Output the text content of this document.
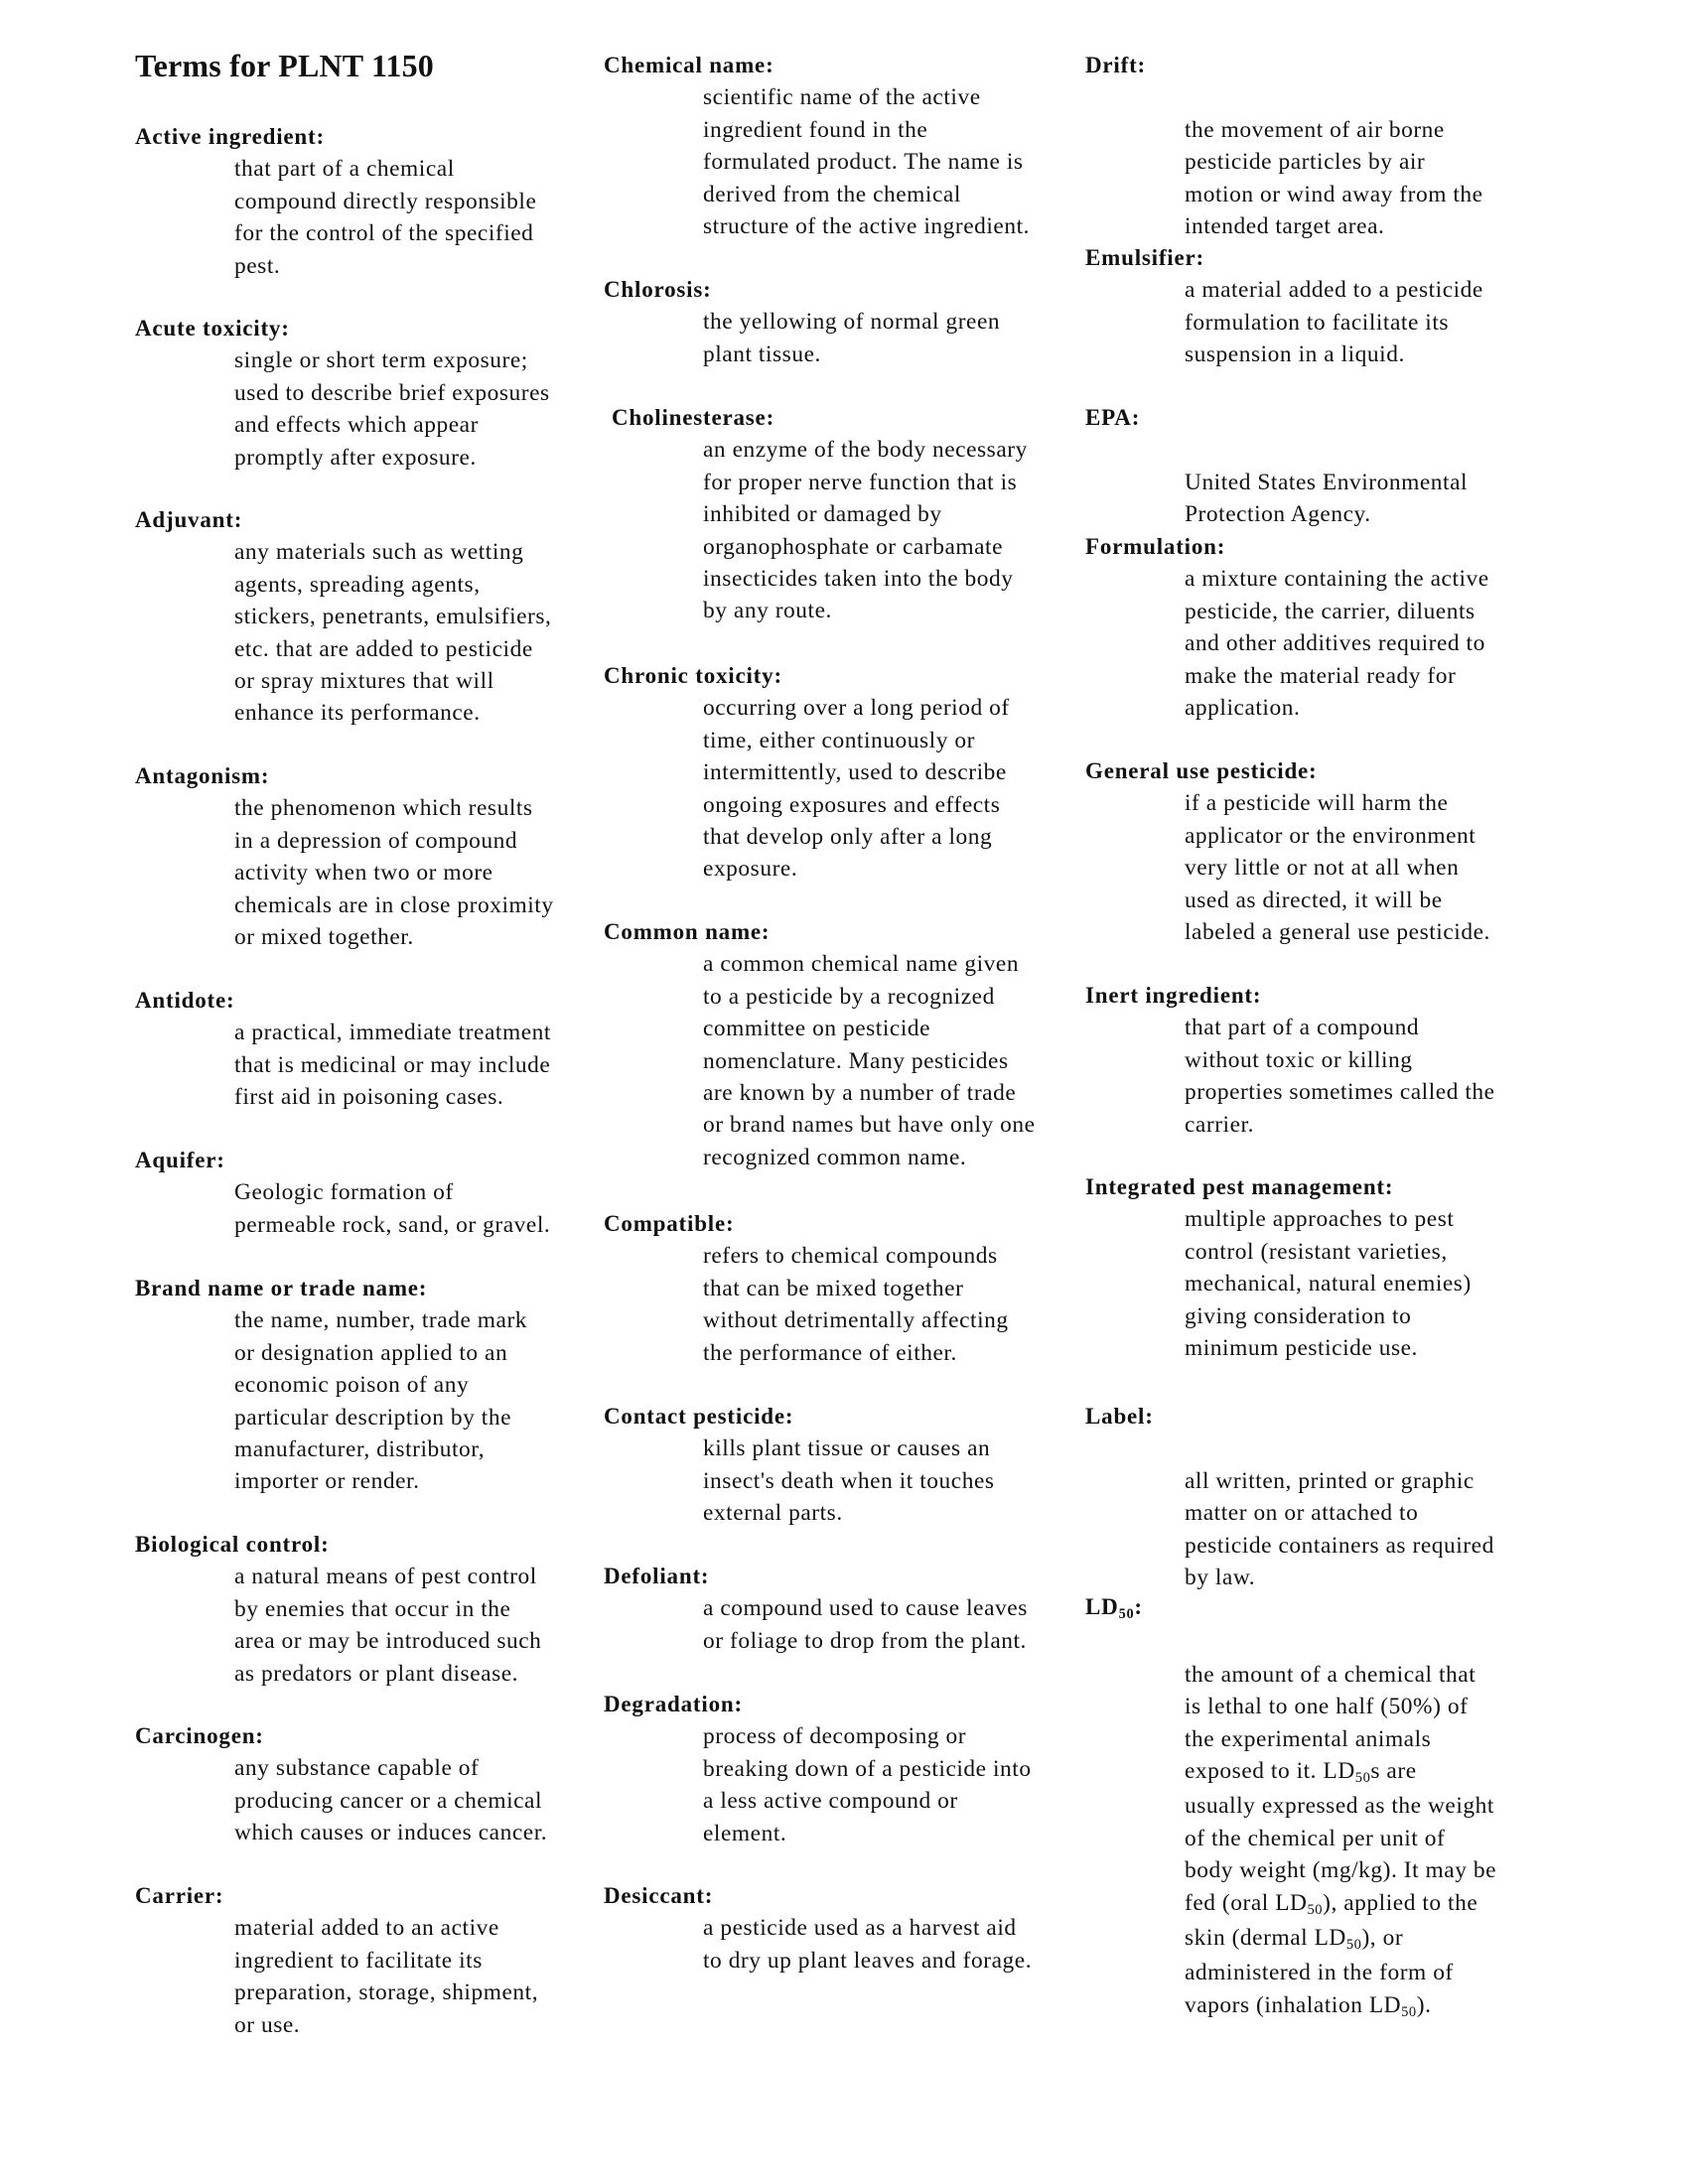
Terms for PLNT 1150
Active ingredient:
that part of a chemical
compound directly responsible
for the control of the specified
pest.
Acute toxicity:
single or short term exposure;
used to describe brief exposures
and effects which appear
promptly after exposure.
Adjuvant:
any materials such as wetting
agents, spreading agents,
stickers, penetrants, emulsifiers,
etc. that are added to pesticide
or spray mixtures that will
enhance its performance.
Antagonism:
the phenomenon which results
in a depression of compound
activity when two or more
chemicals are in close proximity
or mixed together.
Antidote:
a practical, immediate treatment
that is medicinal or may include
first aid in poisoning cases.
Aquifer:
Geologic formation of
permeable rock, sand, or gravel.
Brand name or trade name:
the name, number, trade mark
or designation applied to an
economic poison of any
particular description by the
manufacturer, distributor,
importer or render.
Biological control:
a natural means of pest control
by enemies that occur in the
area or may be introduced such
as predators or plant disease.
Carcinogen:
any substance capable of
producing cancer or a chemical
which causes or induces cancer.
Carrier:
material added to an active
ingredient to facilitate its
preparation, storage, shipment,
or use.
Chemical name:
scientific name of the active
ingredient found in the
formulated product. The name is
derived from the chemical
structure of the active ingredient.
Chlorosis:
the yellowing of normal green
plant tissue.
Cholinesterase:
an enzyme of the body necessary
for proper nerve function that is
inhibited or damaged by
organophosphate or carbamate
insecticides taken into the body
by any route.
Chronic toxicity:
occurring over a long period of
time, either continuously or
intermittently, used to describe
ongoing exposures and effects
that develop only after a long
exposure.
Common name:
a common chemical name given
to a pesticide by a recognized
committee on pesticide
nomenclature. Many pesticides
are known by a number of trade
or brand names but have only one
recognized common name.
Compatible:
refers to chemical compounds
that can be mixed together
without detrimentally affecting
the performance of either.
Contact pesticide:
kills plant tissue or causes an
insect's death when it touches
external parts.
Defoliant:
a compound used to cause leaves
or foliage to drop from the plant.
Degradation:
process of decomposing or
breaking down of a pesticide into
a less active compound or
element.
Desiccant:
a pesticide used as a harvest aid
to dry up plant leaves and forage.
Drift:
the movement of air borne
pesticide particles by air
motion or wind away from the
intended target area.
Emulsifier:
a material added to a pesticide
formulation to facilitate its
suspension in a liquid.
EPA:
United States Environmental
Protection Agency.
Formulation:
a mixture containing the active
pesticide, the carrier, diluents
and other additives required to
make the material ready for
application.
General use pesticide:
if a pesticide will harm the
applicator or the environment
very little or not at all when
used as directed, it will be
labeled a general use pesticide.
Inert ingredient:
that part of a compound
without toxic or killing
properties sometimes called the
carrier.
Integrated pest management:
multiple approaches to pest
control (resistant varieties,
mechanical, natural enemies)
giving consideration to
minimum pesticide use.
Label:
all written, printed or graphic
matter on or attached to
pesticide containers as required
by law.
LD50:
the amount of a chemical that
is lethal to one half (50%) of
the experimental animals
exposed to it. LD50s are
usually expressed as the weight
of the chemical per unit of
body weight (mg/kg). It may be
fed (oral LD50), applied to the
skin (dermal LD50), or
administered in the form of
vapors (inhalation LD50).
